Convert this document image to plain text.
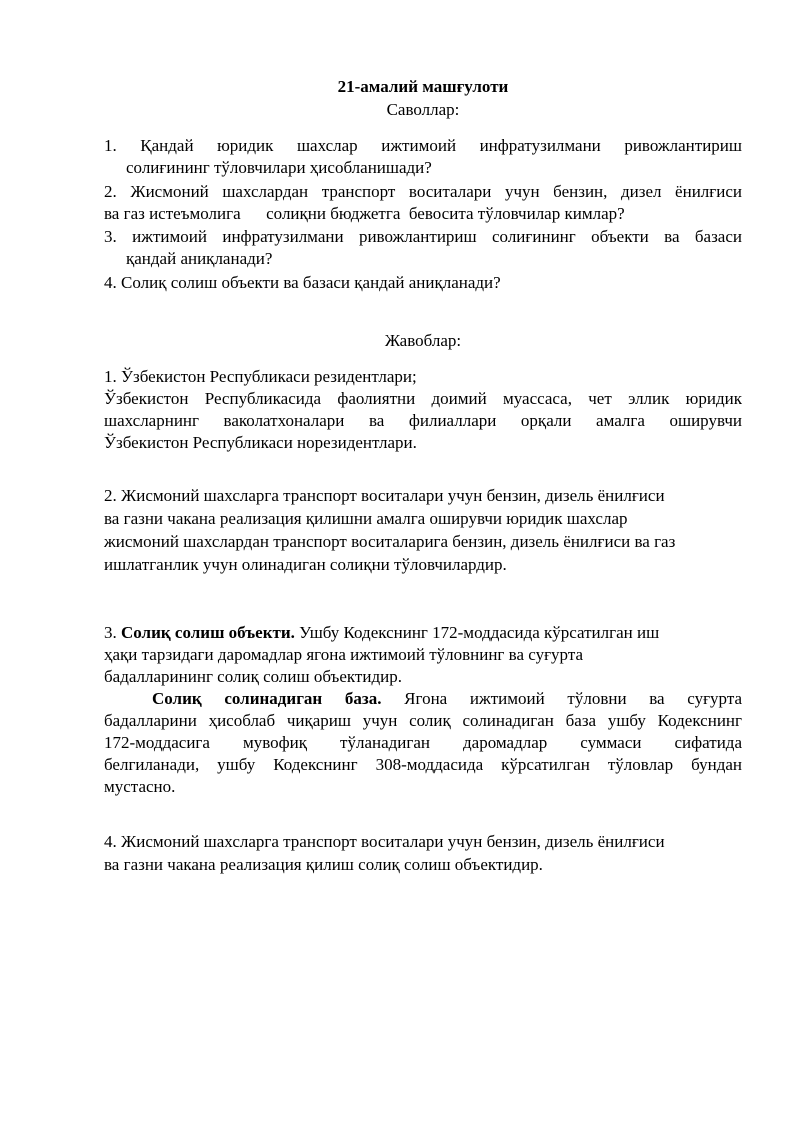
21-амалий машғулоти
Саволлар:
1. Қандай юридик шахслар ижтимоий инфратузилмани ривожлантириш
солиғининг тўловчилари ҳисобланишади?
2. Жисмоний шахслардан транспорт воситалари учун бензин, дизел ёнилғиси
ва газ истеъмолига      солиқни бюджетга  бевосита тўловчилар кимлар?
3. ижтимоий инфратузилмани ривожлантириш солиғининг объекти ва базаси
қандай аниқланади?
4. Солиқ солиш объекти ва базаси қандай аниқланади?
Жавоблар:
1. Ўзбекистон Республикаси резидентлари;
Ўзбекистон Республикасида фаолиятни доимий муассаса, чет эллик юридик
шахсларнинг ваколатхоналари ва филиаллари орқали амалга оширувчи
Ўзбекистон Республикаси норезидентлари.
2. Жисмоний шахсларга транспорт воситалари учун бензин, дизель ёнилғиси
ва газни чакана реализация қилишни амалга оширувчи юридик шахслар
жисмоний шахслардан транспорт воситаларига бензин, дизель ёнилғиси ва газ
ишлатганлик учун олинадиган солиқни тўловчилардир.
3. Солиқ солиш объекти. Ушбу Кодекснинг 172-моддасида кўрсатилган иш
ҳақи тарзидаги даромадлар ягона ижтимоий тўловнинг ва суғурта
бадалларининг солиқ солиш объектидир.
Солиқ солинадиган база. Ягона ижтимоий тўловни ва суғурта
бадалларини ҳисоблаб чиқариш учун солиқ солинадиган база ушбу Кодекснинг
172-моддасига мувофиқ тўланадиган даромадлар суммаси сифатида
белгиланади, ушбу Кодекснинг 308-моддасида кўрсатилган тўловлар бундан
мустасно.
4. Жисмоний шахсларга транспорт воситалари учун бензин, дизель ёнилғиси
ва газни чакана реализация қилиш солиқ солиш объектидир.
